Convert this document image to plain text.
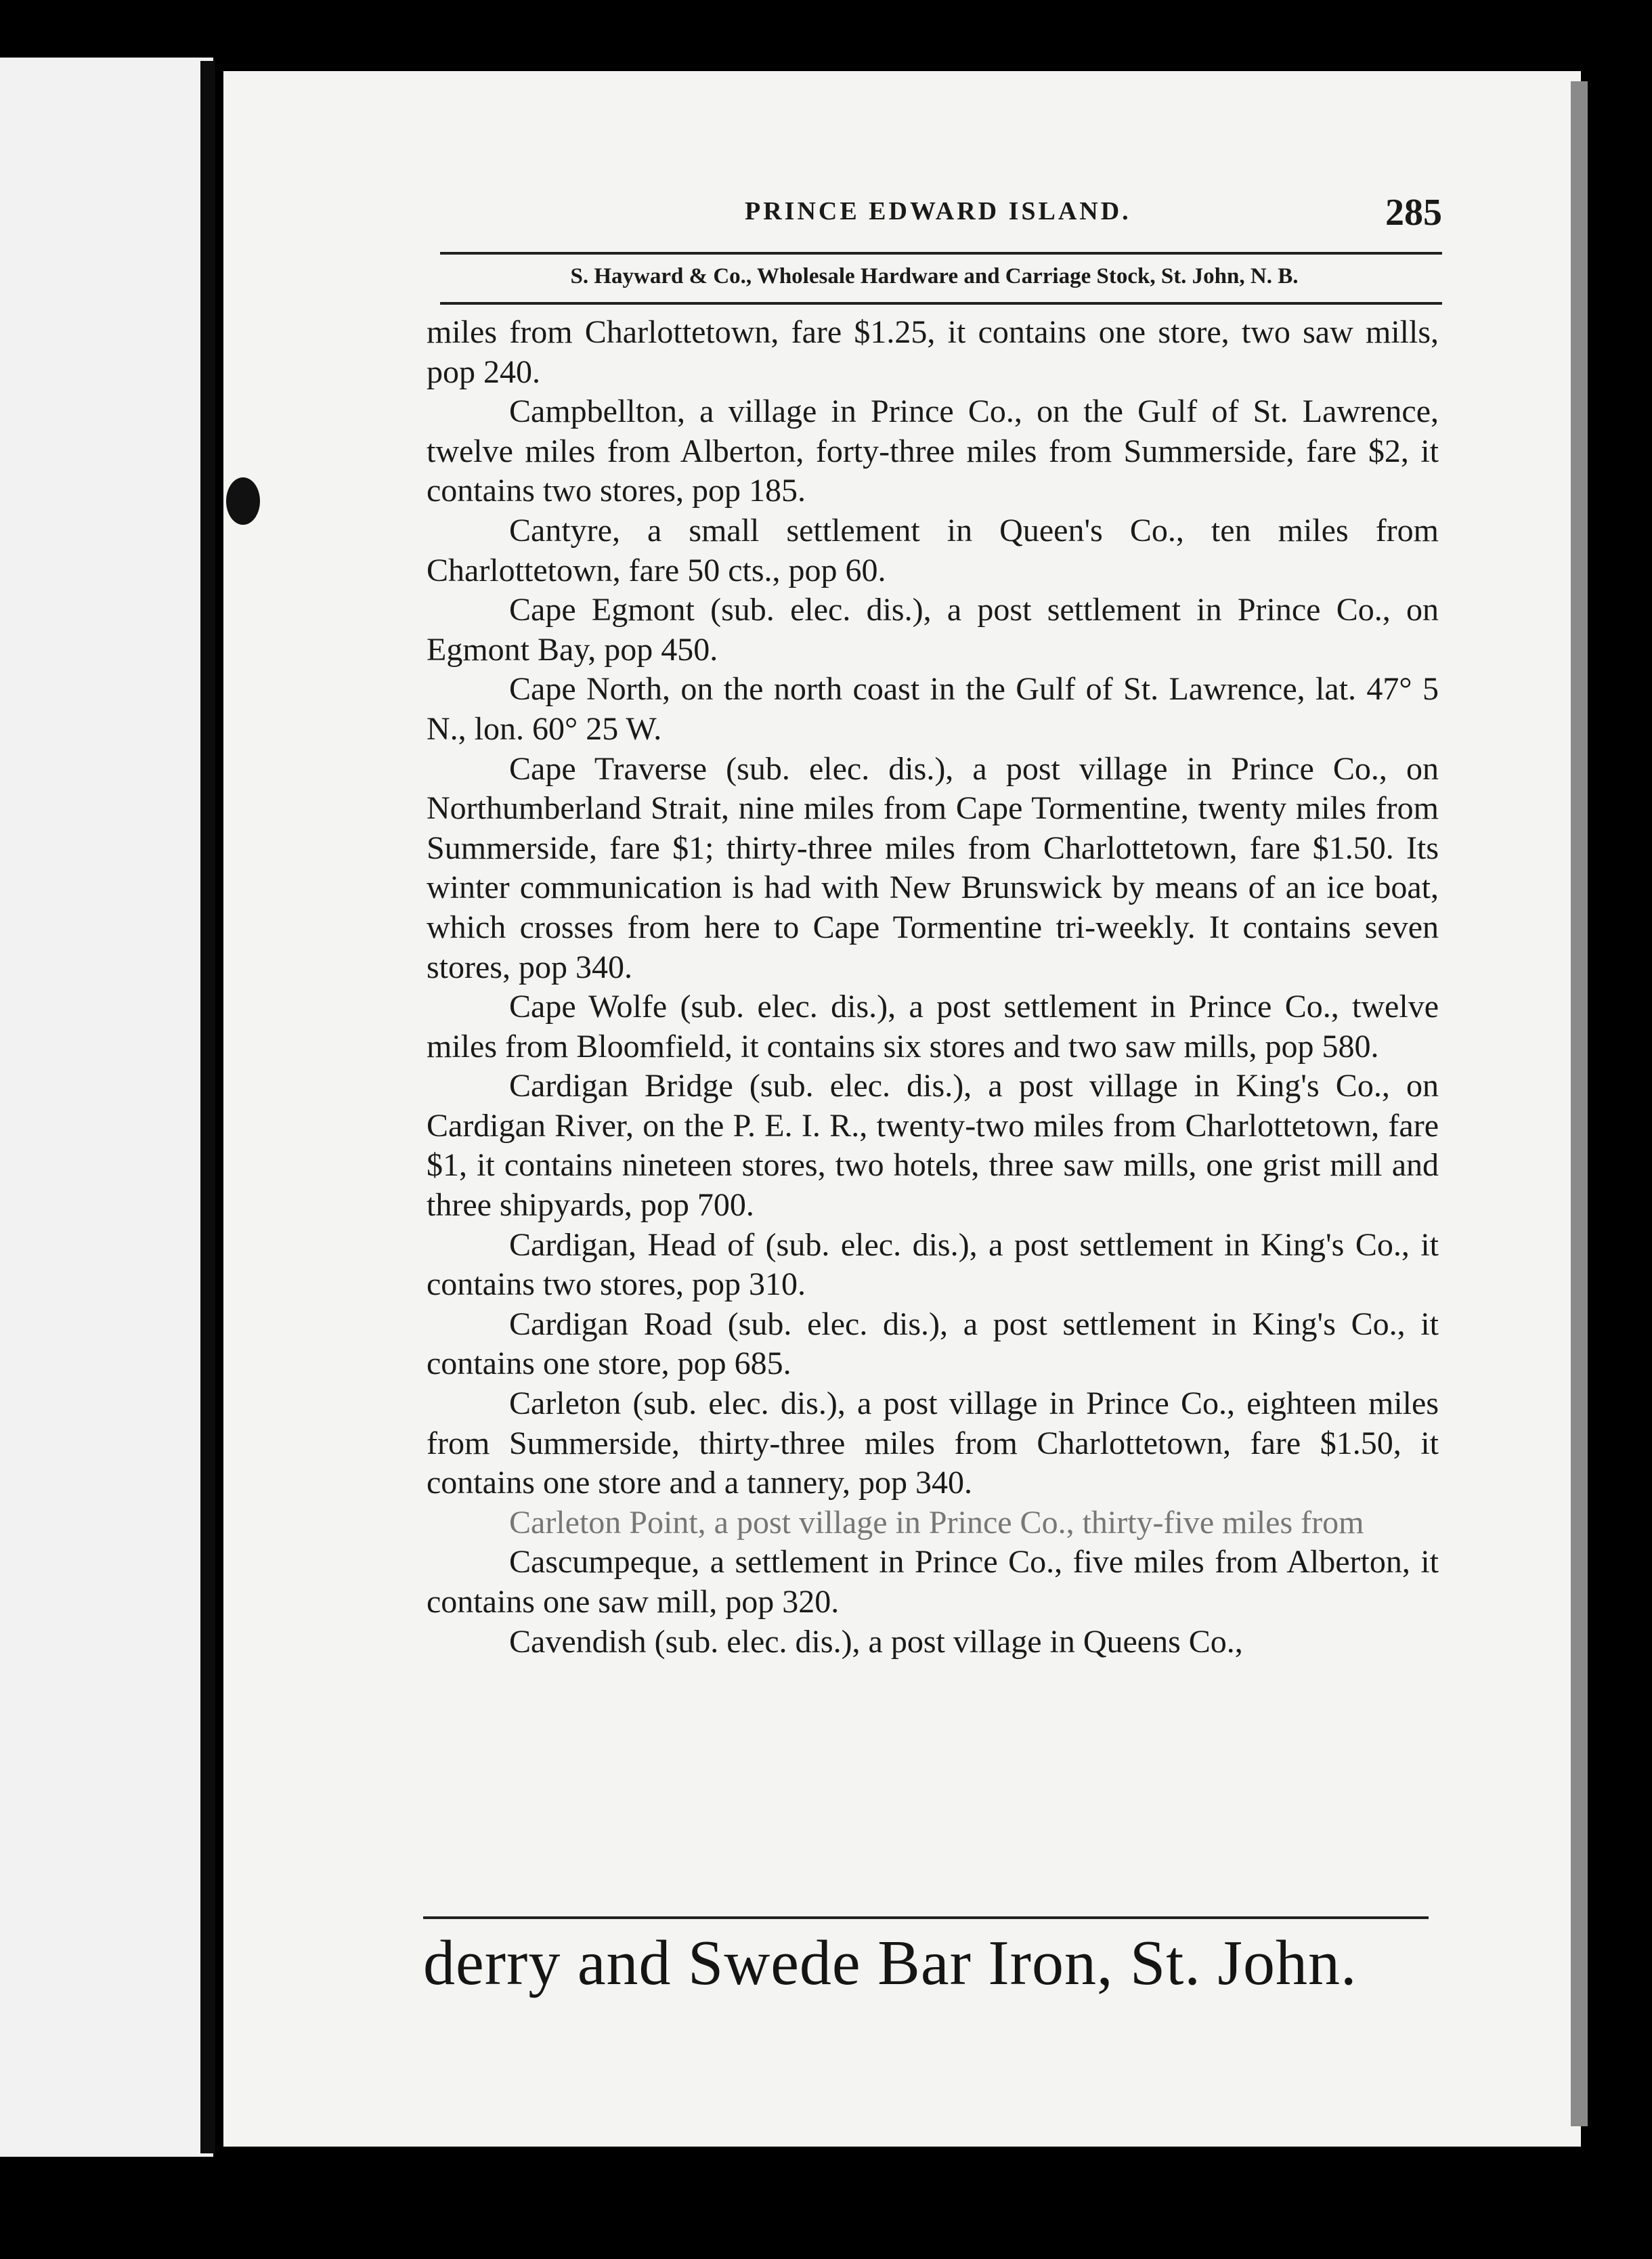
PRINCE EDWARD ISLAND.	285
S. Hayward & Co., Wholesale Hardware and Carriage Stock, St. John, N. B.

miles from Charlottetown, fare $1.25, it contains one store, two saw mills, pop 240.

Campbellton, a village in Prince Co., on the Gulf of St. Lawrence, twelve miles from Alberton, forty-three miles from Summerside, fare $2, it contains two stores, pop 185.

Cantyre, a small settlement in Queen's Co., ten miles from Charlottetown, fare 50 cts., pop 60.

Cape Egmont (sub. elec. dis.), a post settlement in Prince Co., on Egmont Bay, pop 450.

Cape North, on the north coast in the Gulf of St. Lawrence, lat. 47° 5 N., lon. 60° 25 W.

Cape Traverse (sub. elec. dis.), a post village in Prince Co., on Northumberland Strait, nine miles from Cape Tormentine, twenty miles from Summerside, fare $1; thirty-three miles from Charlottetown, fare $1.50. Its winter communication is had with New Brunswick by means of an ice boat, which crosses from here to Cape Tormentine tri-weekly. It contains seven stores, pop 340.

Cape Wolfe (sub. elec. dis.), a post settlement in Prince Co., twelve miles from Bloomfield, it contains six stores and two saw mills, pop 580.

Cardigan Bridge (sub. elec. dis.), a post village in King's Co., on Cardigan River, on the P. E. I. R., twenty-two miles from Charlottetown, fare $1, it contains nineteen stores, two hotels, three saw mills, one grist mill and three shipyards, pop 700.

Cardigan, Head of (sub. elec. dis.), a post settlement in King's Co., it contains two stores, pop 310.

Cardigan Road (sub. elec. dis.), a post settlement in King's Co., it contains one store, pop 685.

Carleton (sub. elec. dis.), a post village in Prince Co., eighteen miles from Summerside, thirty-three miles from Charlottetown, fare $1.50, it contains one store and a tannery, pop 340.

Carleton Point, a post village in Prince Co., thirty-five miles from

Cascumpeque, a settlement in Prince Co., five miles from Alberton, it contains one saw mill, pop 320.

Cavendish (sub. elec. dis.), a post village in Queens Co.,

derry and Swede Bar Iron, St. John.
